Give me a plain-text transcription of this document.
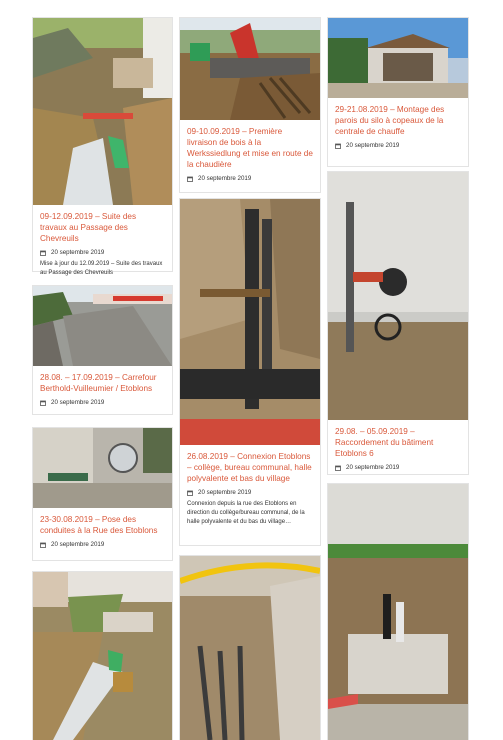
09-12.09.2019 – Suite des travaux au Passage des Chevreuils
20 septembre 2019
Mise à jour du 12.09.2019 – Suite des travaux au Passage des Chevreuils
28.08. – 17.09.2019 – Carrefour Berthold-Vuilleumier / Etoblons
20 septembre 2019
23-30.08.2019 – Pose des conduites à la Rue des Etoblons
20 septembre 2019
09-10.09.2019 – Première livraison de bois à la Werkssiedlung et mise en route de la chaudière
20 septembre 2019
26.08.2019 – Connexion Etoblons – collège, bureau communal, halle polyvalente et bas du village
20 septembre 2019
Connexion depuis la rue des Etoblons en direction du collège/bureau communal, de la halle polyvalente et du bas du village…
29-21.08.2019 – Montage des parois du silo à copeaux de la centrale de chauffe
20 septembre 2019
29.08. – 05.09.2019 – Raccordement du bâtiment Etoblons 6
20 septembre 2019
